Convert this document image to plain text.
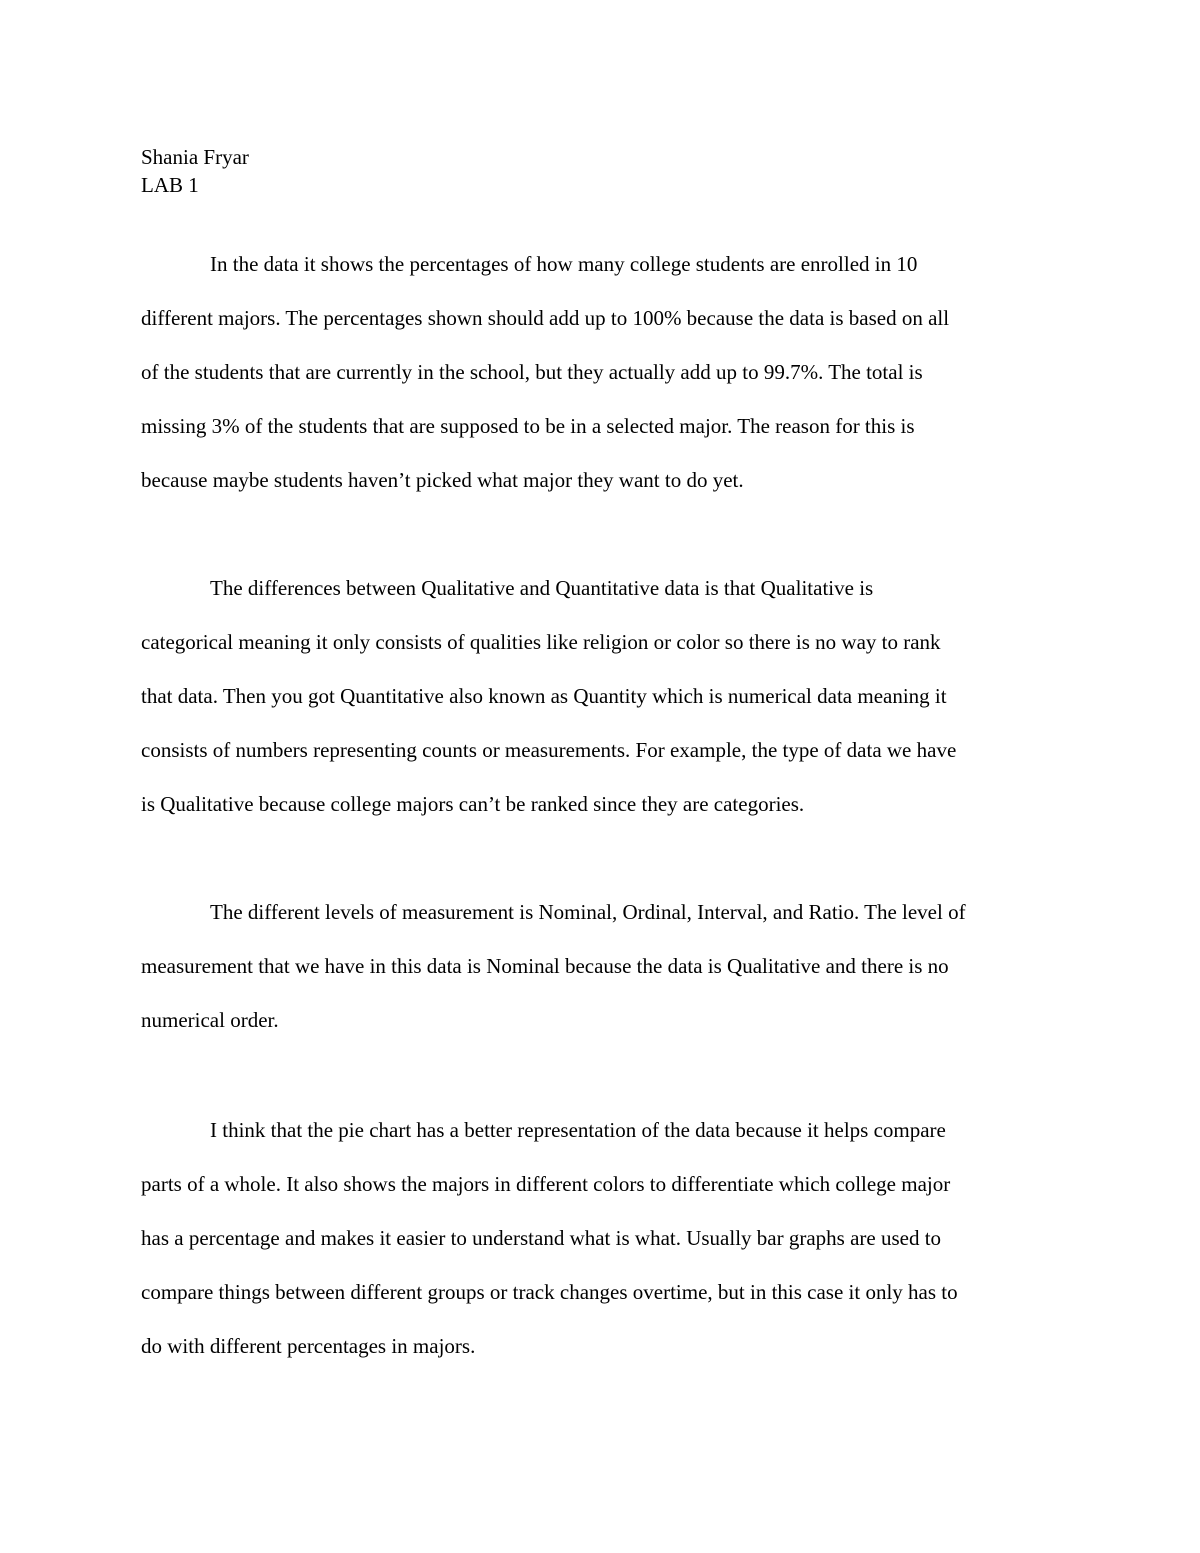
Shania Fryar
LAB 1
In the data it shows the percentages of how many college students are enrolled in 10
different majors. The percentages shown should add up to 100% because the data is based on all
of the students that are currently in the school, but they actually add up to 99.7%. The total is
missing 3% of the students that are supposed to be in a selected major. The reason for this is
because maybe students haven’t picked what major they want to do yet.
The differences between Qualitative and Quantitative data is that Qualitative is
categorical meaning it only consists of qualities like religion or color so there is no way to rank
that data. Then you got Quantitative also known as Quantity which is numerical data meaning it
consists of numbers representing counts or measurements. For example, the type of data we have
is Qualitative because college majors can’t be ranked since they are categories.
The different levels of measurement is Nominal, Ordinal, Interval, and Ratio. The level of
measurement that we have in this data is Nominal because the data is Qualitative and there is no
numerical order.
I think that the pie chart has a better representation of the data because it helps compare
parts of a whole. It also shows the majors in different colors to differentiate which college major
has a percentage and makes it easier to understand what is what. Usually bar graphs are used to
compare things between different groups or track changes overtime, but in this case it only has to
do with different percentages in majors.
